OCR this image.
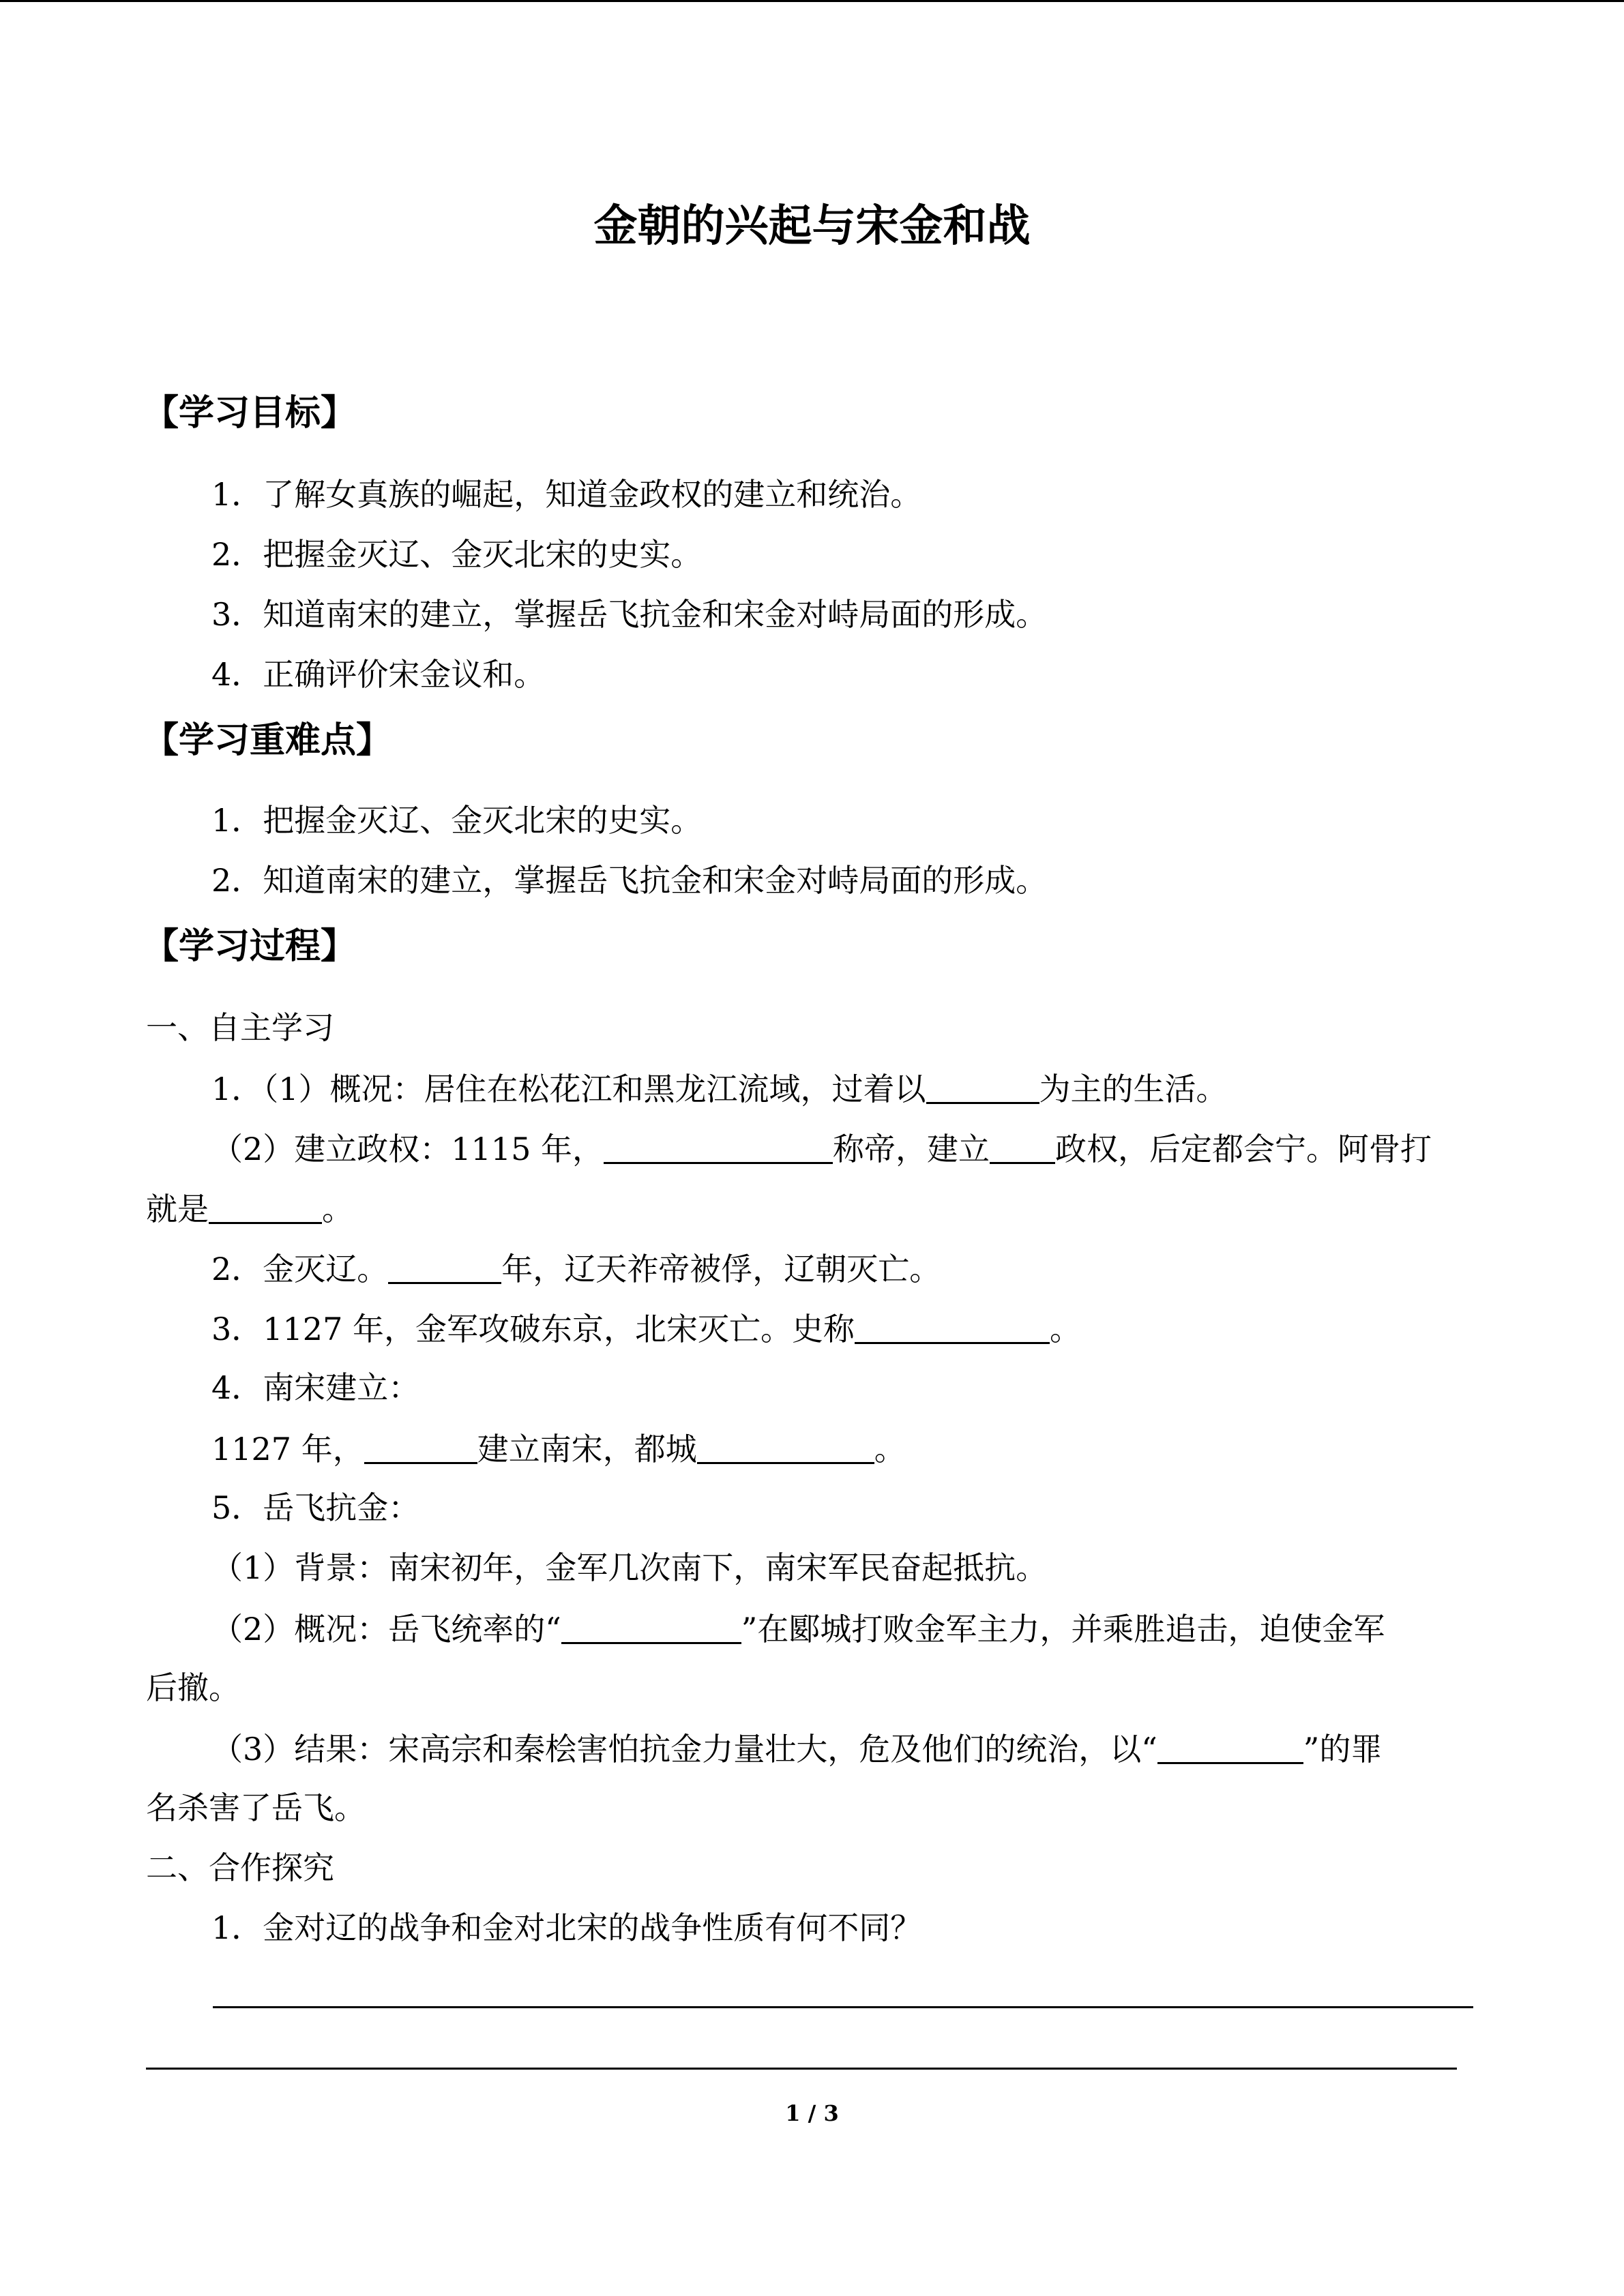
金朝的兴起与宋金和战
【学习目标】
1．了解女真族的崛起，知道金政权的建立和统治。
2．把握金灭辽、金灭北宋的史实。
3．知道南宋的建立，掌握岳飞抗金和宋金对峙局面的形成。
4．正确评价宋金议和。
【学习重难点】
1．把握金灭辽、金灭北宋的史实。
2．知道南宋的建立，掌握岳飞抗金和宋金对峙局面的形成。
【学习过程】
一、自主学习
1．（1）概况：居住在松花江和黑龙江流域，过着以	为主的生活。
（2）建立政权：1115 年，	称帝，建立 政权，后定都会宁。阿骨打
就是	。
2．金灭辽。	年，辽天祚帝被俘，辽朝灭亡。
3．1127 年，金军攻破东京，北宋灭亡。史称	。
4．南宋建立：
1127 年，	建立南宋，都城	。
5．岳飞抗金：
（1）背景：南宋初年，金军几次南下，南宋军民奋起抵抗。
（2）概况：岳飞统率的“	”在郾城打败金军主力，并乘胜追击，迫使金军
后撤。
（3）结果：宋高宗和秦桧害怕抗金力量壮大，危及他们的统治，以“	”的罪
名杀害了岳飞。
二、合作探究
1．金对辽的战争和金对北宋的战争性质有何不同？
1 / 3
